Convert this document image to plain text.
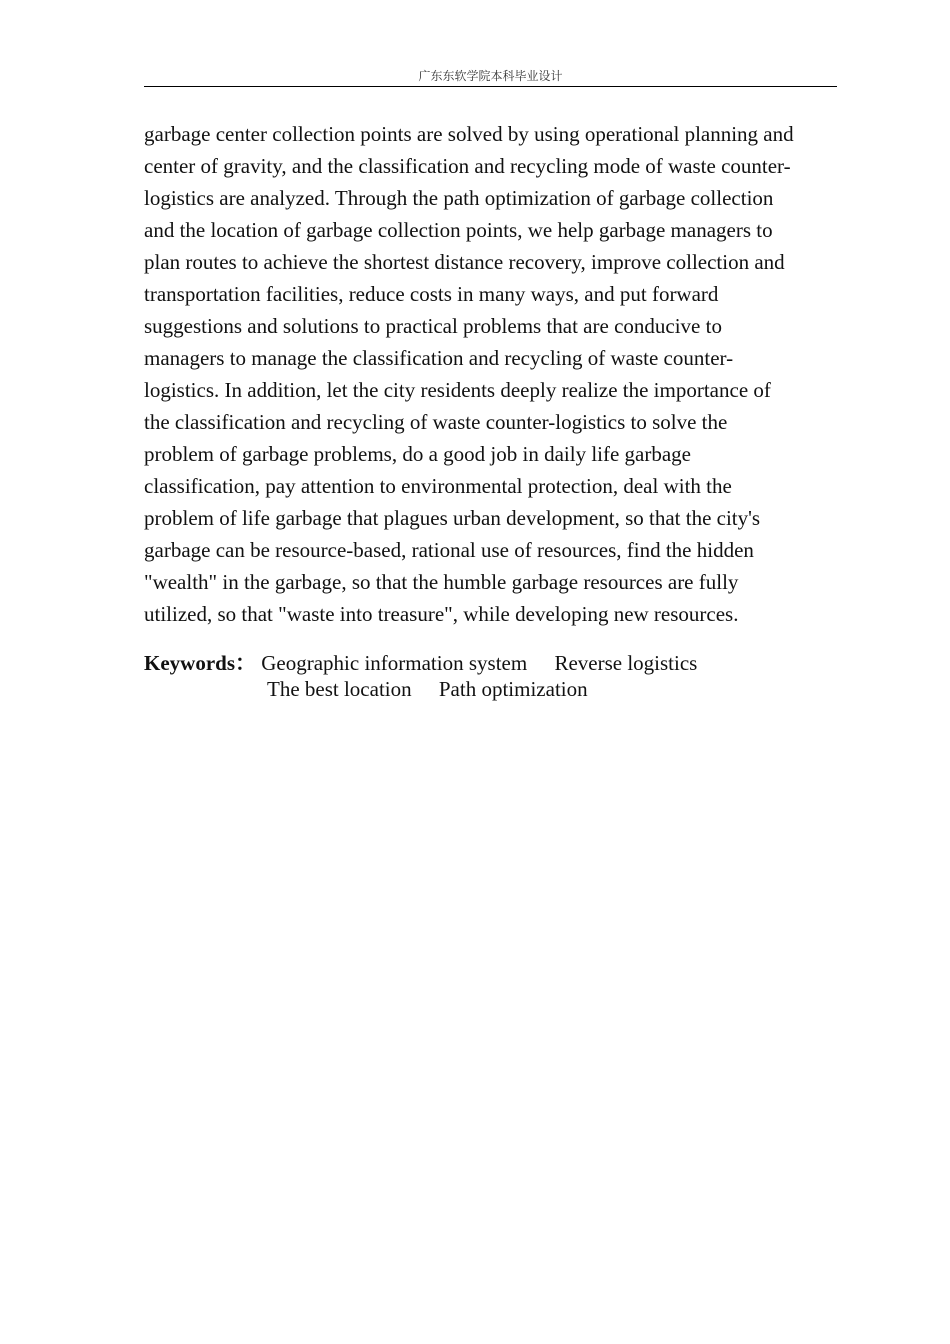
广东东软学院本科毕业设计

garbage center collection points are solved by using operational planning and
center of gravity, and the classification and recycling mode of waste counter-
logistics are analyzed. Through the path optimization of garbage collection
and the location of garbage collection points, we help garbage managers to
plan routes to achieve the shortest distance recovery, improve collection and
transportation facilities, reduce costs in many ways, and put forward
suggestions and solutions to practical problems that are conducive to
managers to manage the classification and recycling of waste counter-
logistics. In addition, let the city residents deeply realize the importance of
the classification and recycling of waste counter-logistics to solve the
problem of garbage problems, do a good job in daily life garbage
classification, pay attention to environmental protection, deal with the
problem of life garbage that plagues urban development, so that the city's
garbage can be resource-based, rational use of resources, find the hidden
"wealth" in the garbage, so that the humble garbage resources are fully
utilized, so that "waste into treasure", while developing new resources.

Keywords： Geographic information system Reverse logistics
The best location Path optimization
